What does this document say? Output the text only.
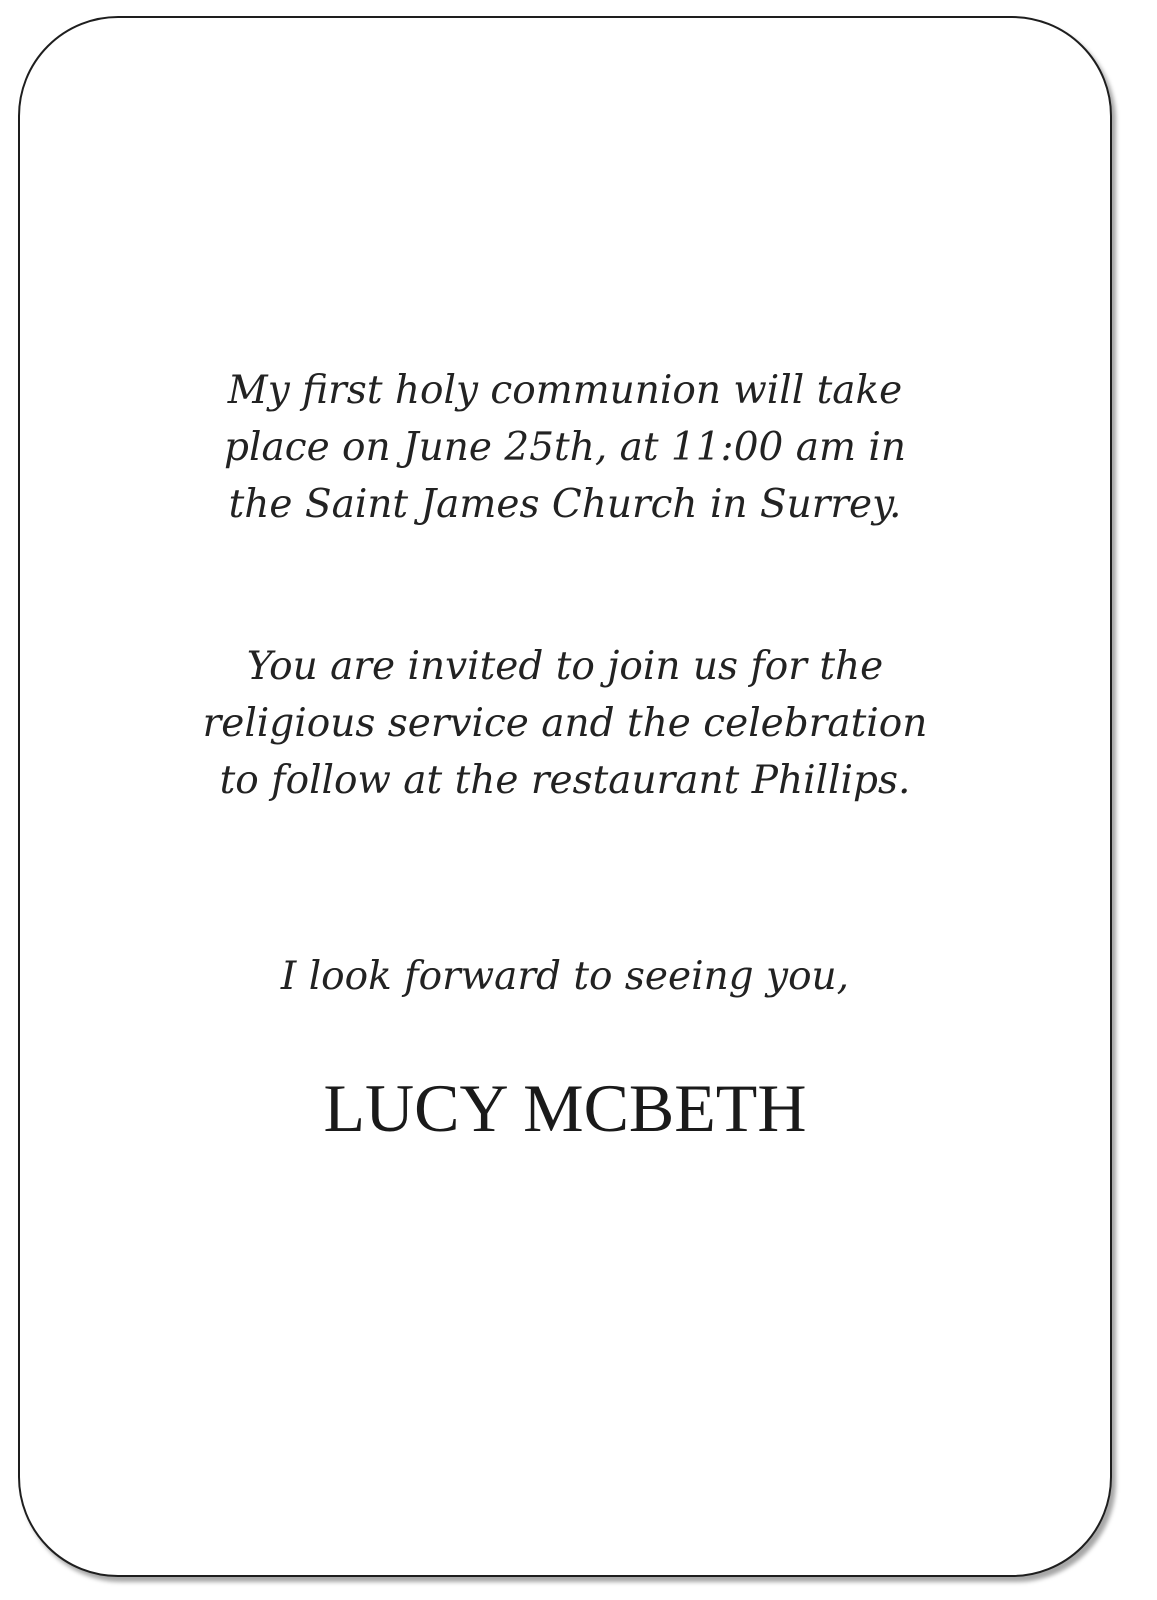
My first holy communion will take
place on June 25th, at 11:00 am in
the Saint James Church in Surrey.
You are invited to join us for the
religious service and the celebration
to follow at the restaurant Phillips.
I look forward to seeing you,
LUCY MCBETH
